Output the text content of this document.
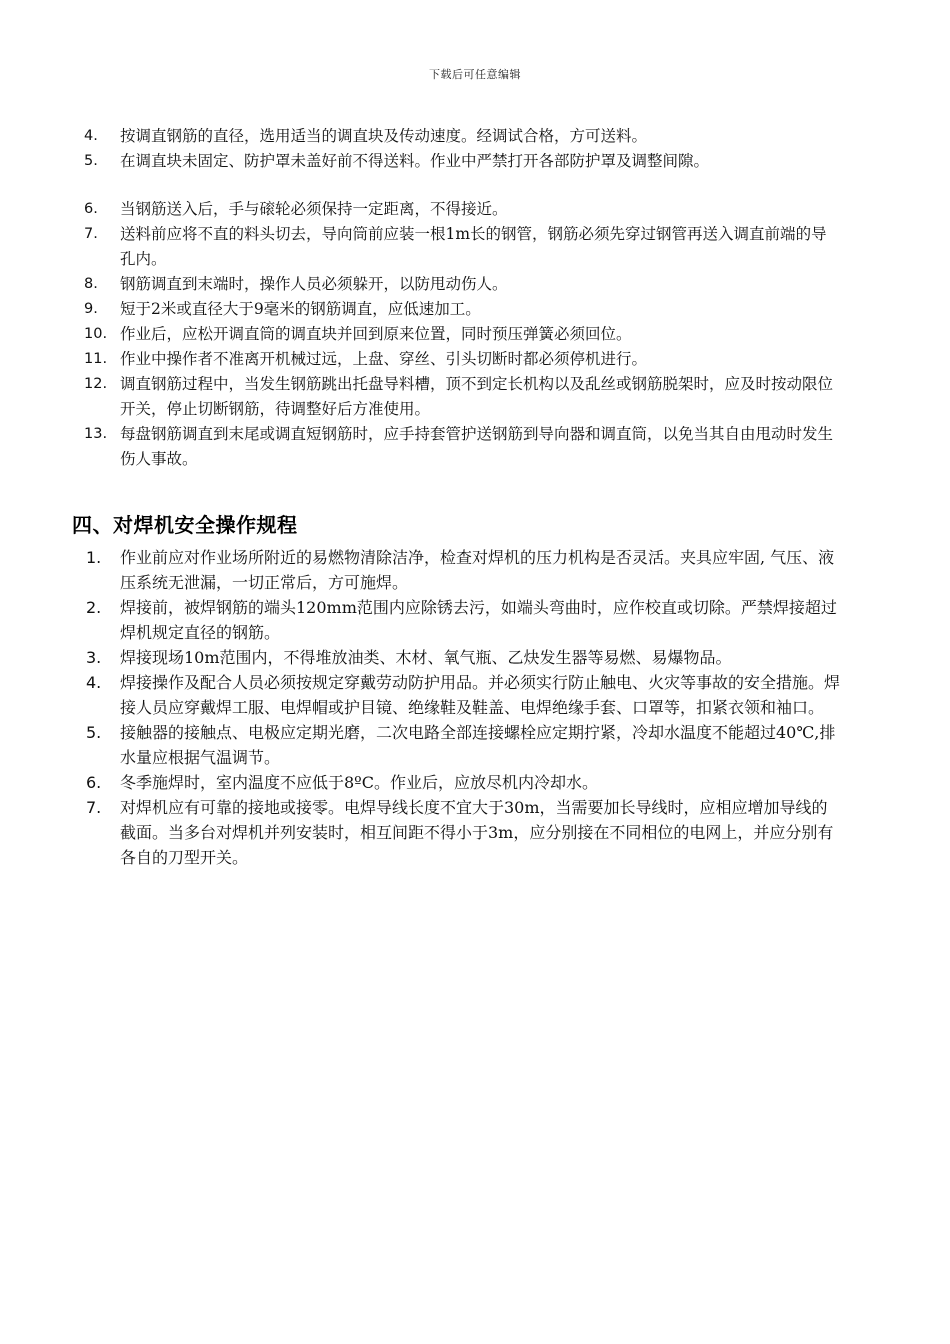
下载后可任意编辑
4. 按调直钢筋的直径，选用适当的调直块及传动速度。经调试合格，方可送料。
5. 在调直块未固定、防护罩未盖好前不得送料。作业中严禁打开各部防护罩及调整间隙。
6. 当钢筋送入后，手与磙轮必须保持一定距离，不得接近。
7. 送料前应将不直的料头切去，导向筒前应装一根1m长的钢管，钢筋必须先穿过钢管再送入调直前端的导孔内。
8. 钢筋调直到末端时，操作人员必须躲开，以防甩动伤人。
9. 短于2米或直径大于9毫米的钢筋调直，应低速加工。
10. 作业后，应松开调直筒的调直块并回到原来位置，同时预压弹簧必须回位。
11. 作业中操作者不准离开机械过远，上盘、穿丝、引头切断时都必须停机进行。
12. 调直钢筋过程中，当发生钢筋跳出托盘导料槽，顶不到定长机构以及乱丝或钢筋脱架时，应及时按动限位开关，停止切断钢筋，待调整好后方准使用。
13. 每盘钢筋调直到末尾或调直短钢筋时，应手持套管护送钢筋到导向器和调直筒，以免当其自由甩动时发生伤人事故。
四、对焊机安全操作规程
1. 作业前应对作业场所附近的易燃物清除洁净，检查对焊机的压力机构是否灵活。夹具应牢固, 气压、液压系统无泄漏，一切正常后，方可施焊。
2. 焊接前，被焊钢筋的端头120mm范围内应除锈去污，如端头弯曲时，应作校直或切除。严禁焊接超过焊机规定直径的钢筋。
3. 焊接现场10m范围内，不得堆放油类、木材、氧气瓶、乙炔发生器等易燃、易爆物品。
4. 焊接操作及配合人员必须按规定穿戴劳动防护用品。并必须实行防止触电、火灾等事故的安全措施。焊接人员应穿戴焊工服、电焊帽或护目镜、绝缘鞋及鞋盖、电焊绝缘手套、口罩等，扣紧衣领和袖口。
5. 接触器的接触点、电极应定期光磨，二次电路全部连接螺栓应定期拧紧，冷却水温度不能超过40℃,排水量应根据气温调节。
6. 冬季施焊时，室内温度不应低于8ºC。作业后，应放尽机内冷却水。
7. 对焊机应有可靠的接地或接零。电焊导线长度不宜大于30m，当需要加长导线时，应相应增加导线的截面。当多台对焊机并列安装时，相互间距不得小于3m，应分别接在不同相位的电网上，并应分别有各自的刀型开关。
